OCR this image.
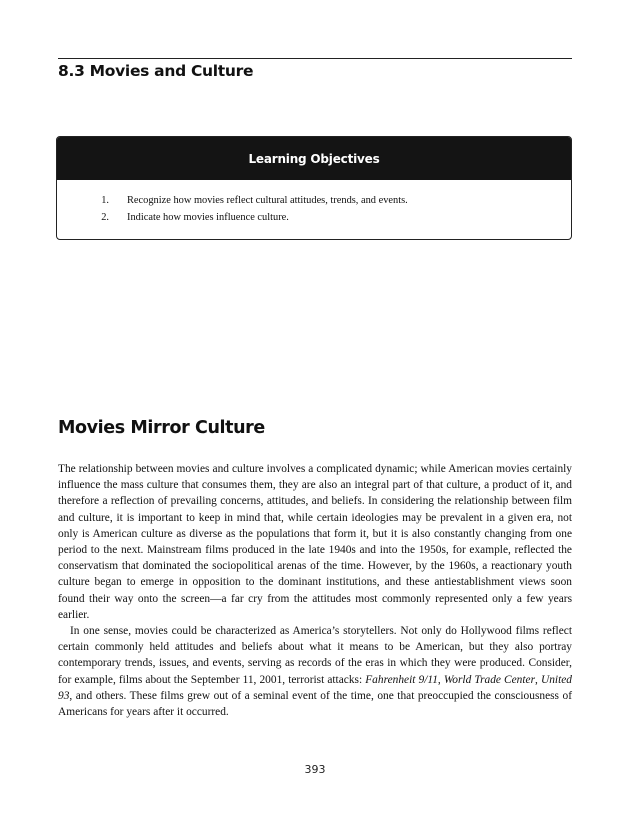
8.3 Movies and Culture
Learning Objectives
1.	Recognize how movies reflect cultural attitudes, trends, and events.
2.	Indicate how movies influence culture.
Movies Mirror Culture

The relationship between movies and culture involves a complicated dynamic; while American movies certainly influence the mass culture that consumes them, they are also an integral part of that culture, a product of it, and therefore a reflection of prevailing concerns, attitudes, and beliefs. In considering the relationship between film and culture, it is important to keep in mind that, while certain ideologies may be prevalent in a given era, not only is American culture as diverse as the populations that form it, but it is also constantly changing from one period to the next. Mainstream films produced in the late 1940s and into the 1950s, for example, reflected the conservatism that dominated the sociopolitical arenas of the time. However, by the 1960s, a reactionary youth culture began to emerge in opposition to the dominant institutions, and these antiestablishment views soon found their way onto the screen—a far cry from the attitudes most commonly represented only a few years earlier.

In one sense, movies could be characterized as America’s storytellers. Not only do Hollywood films reflect certain commonly held attitudes and beliefs about what it means to be American, but they also portray contemporary trends, issues, and events, serving as records of the eras in which they were produced. Consider, for example, films about the September 11, 2001, terrorist attacks: Fahrenheit 9/11, World Trade Center, United 93, and others. These films grew out of a seminal event of the time, one that preoccupied the consciousness of Americans for years after it occurred.

393
